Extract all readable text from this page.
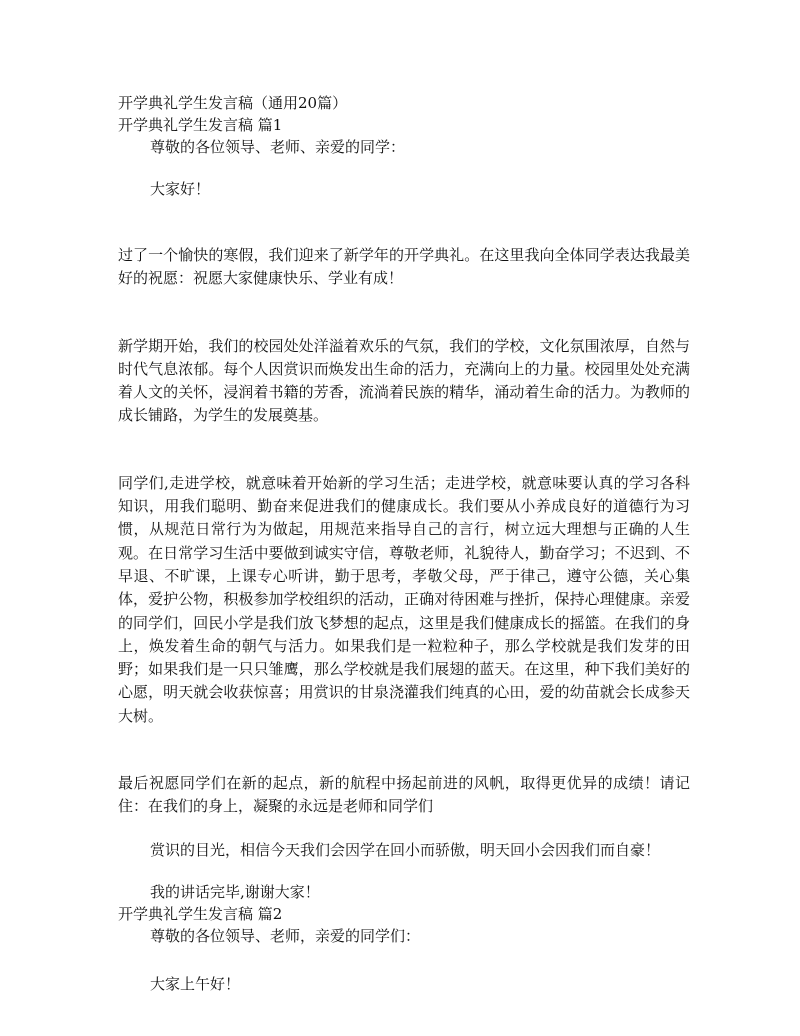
开学典礼学生发言稿（通用20篇）
开学典礼学生发言稿 篇1
尊敬的各位领导、老师、亲爱的同学：
大家好！
过了一个愉快的寒假，我们迎来了新学年的开学典礼。在这里我向全体同学表达我最美好的祝愿：祝愿大家健康快乐、学业有成！
新学期开始，我们的校园处处洋溢着欢乐的气氛，我们的学校，文化氛围浓厚，自然与时代气息浓郁。每个人因赏识而焕发出生命的活力，充满向上的力量。校园里处处充满着人文的关怀，浸润着书籍的芳香，流淌着民族的精华，涌动着生命的活力。为教师的成长铺路，为学生的发展奠基。
同学们,走进学校，就意味着开始新的学习生活；走进学校，就意味要认真的学习各科知识，用我们聪明、勤奋来促进我们的健康成长。我们要从小养成良好的道德行为习惯，从规范日常行为为做起，用规范来指导自己的言行，树立远大理想与正确的人生观。在日常学习生活中要做到诚实守信，尊敬老师，礼貌待人，勤奋学习；不迟到、不早退、不旷课，上课专心听讲，勤于思考，孝敬父母，严于律己，遵守公德，关心集体，爱护公物，积极参加学校组织的活动，正确对待困难与挫折，保持心理健康。亲爱的同学们，回民小学是我们放飞梦想的起点，这里是我们健康成长的摇篮。在我们的身上，焕发着生命的朝气与活力。如果我们是一粒粒种子，那么学校就是我们发芽的田野；如果我们是一只只雏鹰，那么学校就是我们展翅的蓝天。在这里，种下我们美好的心愿，明天就会收获惊喜；用赏识的甘泉浇灌我们纯真的心田，爱的幼苗就会长成参天大树。
最后祝愿同学们在新的起点，新的航程中扬起前进的风帆，取得更优异的成绩！请记住：在我们的身上，凝聚的永远是老师和同学们
赏识的目光，相信今天我们会因学在回小而骄傲，明天回小会因我们而自豪！
我的讲话完毕,谢谢大家！
开学典礼学生发言稿 篇2
尊敬的各位领导、老师，亲爱的同学们：
大家上午好！
